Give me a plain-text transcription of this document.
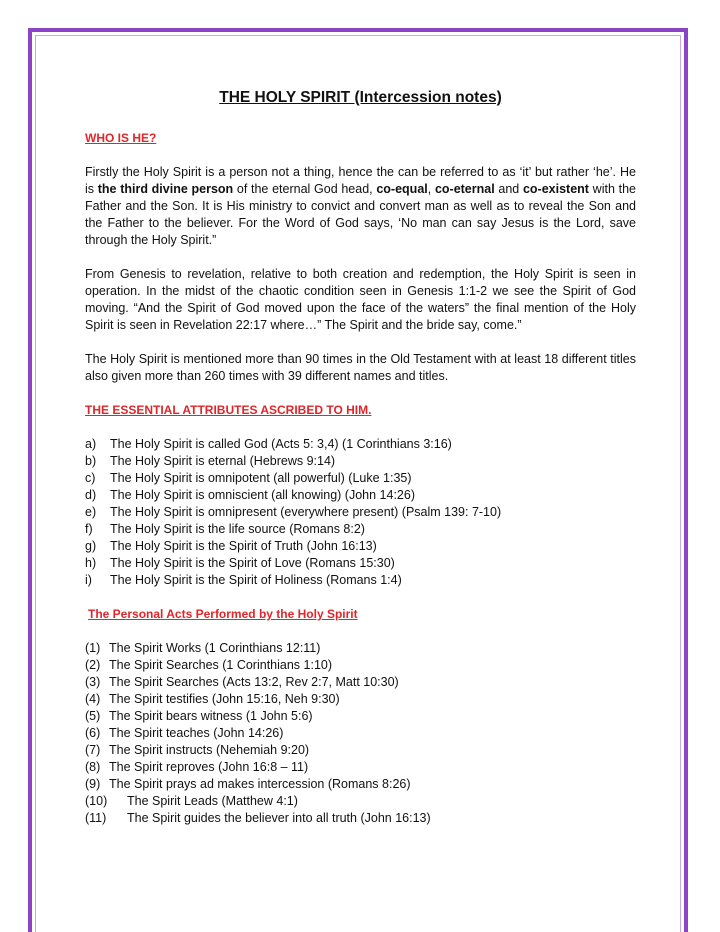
THE HOLY SPIRIT (Intercession notes)
WHO IS HE?

Firstly the Holy Spirit is a person not a thing, hence the can be referred to as ‘it’ but rather ‘he’. He is the third divine person of the eternal God head, co-equal, co-eternal and co-existent with the Father and the Son. It is His ministry to convict and convert man as well as to reveal the Son and the Father to the believer. For the Word of God says, ‘No man can say Jesus is the Lord, save through the Holy Spirit.”

From Genesis to revelation, relative to both creation and redemption, the Holy Spirit is seen in operation. In the midst of the chaotic condition seen in Genesis 1:1-2 we see the Spirit of God moving. “And the Spirit of God moved upon the face of the waters” the final mention of the Holy Spirit is seen in Revelation 22:17 where…” The Spirit and the bride say, come.”

The Holy Spirit is mentioned more than 90 times in the Old Testament with at least 18 different titles also given more than 260 times with 39 different names and titles.

THE ESSENTIAL ATTRIBUTES ASCRIBED TO HIM.
a)	The Holy Spirit is called God (Acts 5: 3,4) (1 Corinthians 3:16)
b)	The Holy Spirit is eternal (Hebrews 9:14)
c)	The Holy Spirit is omnipotent (all powerful) (Luke 1:35)
d)	The Holy Spirit is omniscient (all knowing) (John 14:26)
e)	The Holy Spirit is omnipresent (everywhere present) (Psalm 139: 7-10)
f)	The Holy Spirit is the life source (Romans 8:2)
g)	The Holy Spirit is the Spirit of Truth (John 16:13)
h)	The Holy Spirit is the Spirit of Love (Romans 15:30)
i)	The Holy Spirit is the Spirit of Holiness (Romans 1:4)
The Personal Acts Performed by the Holy Spirit
(1) The Spirit Works (1 Corinthians 12:11)
(2) The Spirit Searches (1 Corinthians 1:10)
(3) The Spirit Searches (Acts 13:2, Rev 2:7, Matt 10:30)
(4) The Spirit testifies (John 15:16, Neh 9:30)
(5) The Spirit bears witness (1 John 5:6)
(6) The Spirit teaches (John 14:26)
(7) The Spirit instructs (Nehemiah 9:20)
(8) The Spirit reproves (John 16:8 – 11)
(9) The Spirit prays ad makes intercession (Romans 8:26)
(10)	The Spirit Leads (Matthew 4:1)
(11)	The Spirit guides the believer into all truth (John 16:13)
